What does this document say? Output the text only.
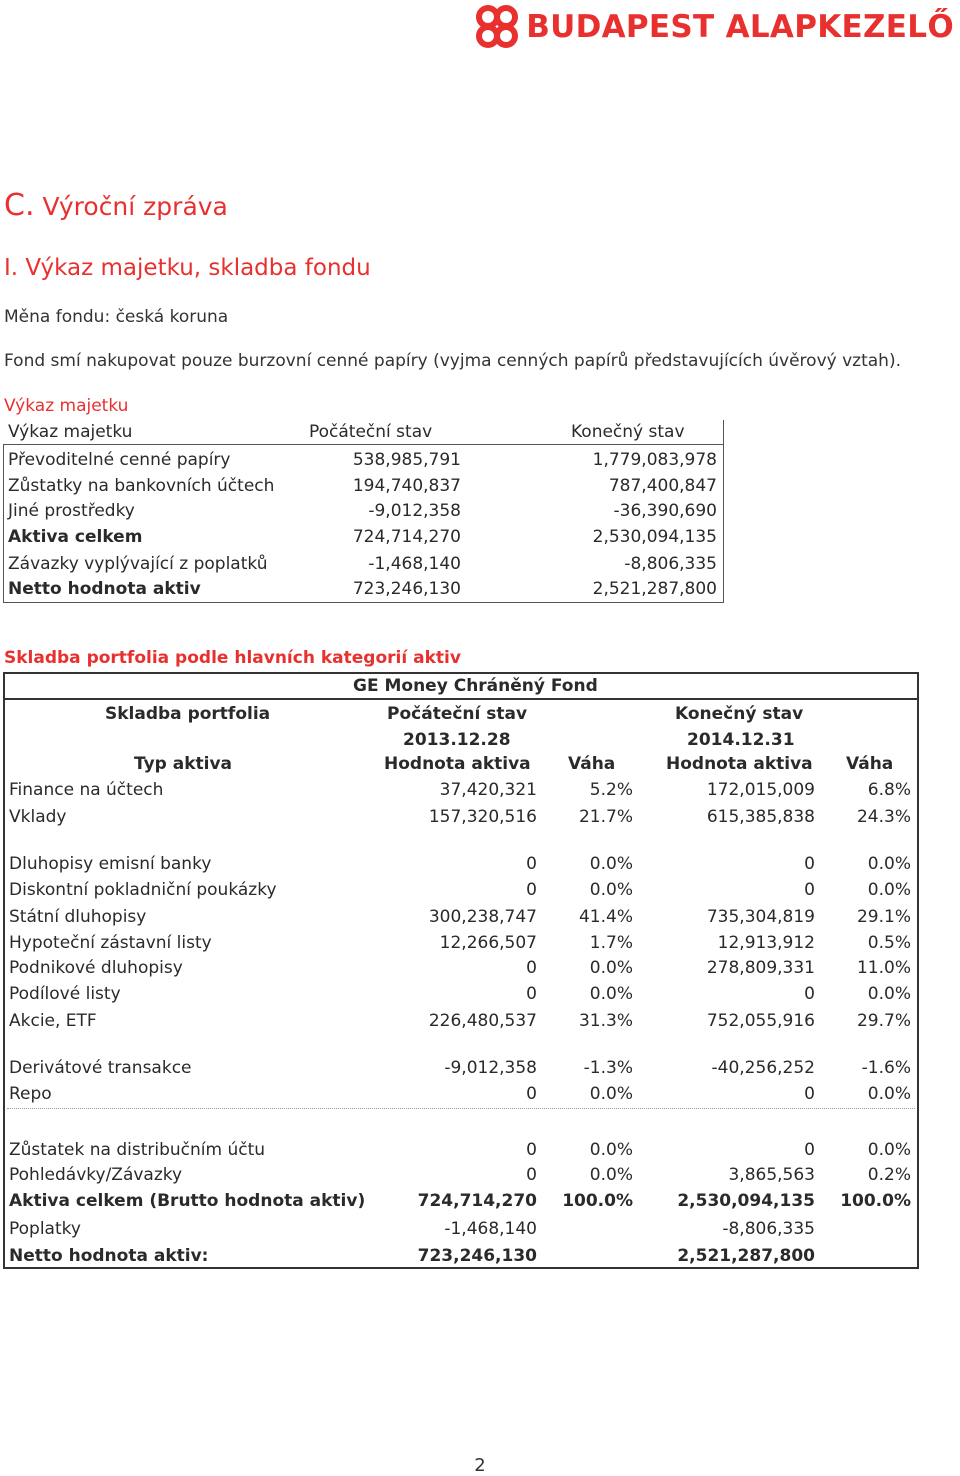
BUDAPEST ALAPKEZELŐ
C. Výroční zpráva
I. Výkaz majetku, skladba fondu
Měna fondu: česká koruna
Fond smí nakupovat pouze burzovní cenné papíry (vyjma cenných papírů představujících úvěrový vztah).
Výkaz majetku
Výkaz majetku	Počáteční stav	Konečný stav
Převoditelné cenné papíry	538,985,791	1,779,083,978
Zůstatky na bankovních účtech	194,740,837	787,400,847
Jiné prostředky	-9,012,358	-36,390,690
Aktiva celkem	724,714,270	2,530,094,135
Závazky vyplývající z poplatků	-1,468,140	-8,806,335
Netto hodnota aktiv	723,246,130	2,521,287,800
Skladba portfolia podle hlavních kategorií aktiv
GE Money Chráněný Fond
Skladba portfolia	Počáteční stav	Konečný stav
2013.12.28	2014.12.31
Typ aktiva	Hodnota aktiva Váha	Hodnota aktiva Váha
Finance na účtech	37,420,321	5.2%	172,015,009	6.8%
Vklady	157,320,516 21.7%	615,385,838 24.3%
Dluhopisy emisní banky	0	0.0%	0	0.0%
Diskontní pokladniční poukázky	0	0.0%	0	0.0%
Státní dluhopisy	300,238,747 41.4%	735,304,819 29.1%
Hypoteční zástavní listy	12,266,507	1.7%	12,913,912	0.5%
Podnikové dluhopisy	0	0.0%	278,809,331 11.0%
Podílové listy	0	0.0%	0	0.0%
Akcie, ETF	226,480,537 31.3%	752,055,916 29.7%
Derivátové transakce	-9,012,358	-1.3%	-40,256,252	-1.6%
Repo	0	0.0%	0	0.0%
Zůstatek na distribučním účtu	0	0.0%	0	0.0%
Pohledávky/Závazky	0	0.0%	3,865,563	0.2%
Aktiva celkem (Brutto hodnota aktiv)	724,714,270 100.0%	2,530,094,135 100.0%
Poplatky	-1,468,140	-8,806,335
Netto hodnota aktiv:	723,246,130	2,521,287,800
2
